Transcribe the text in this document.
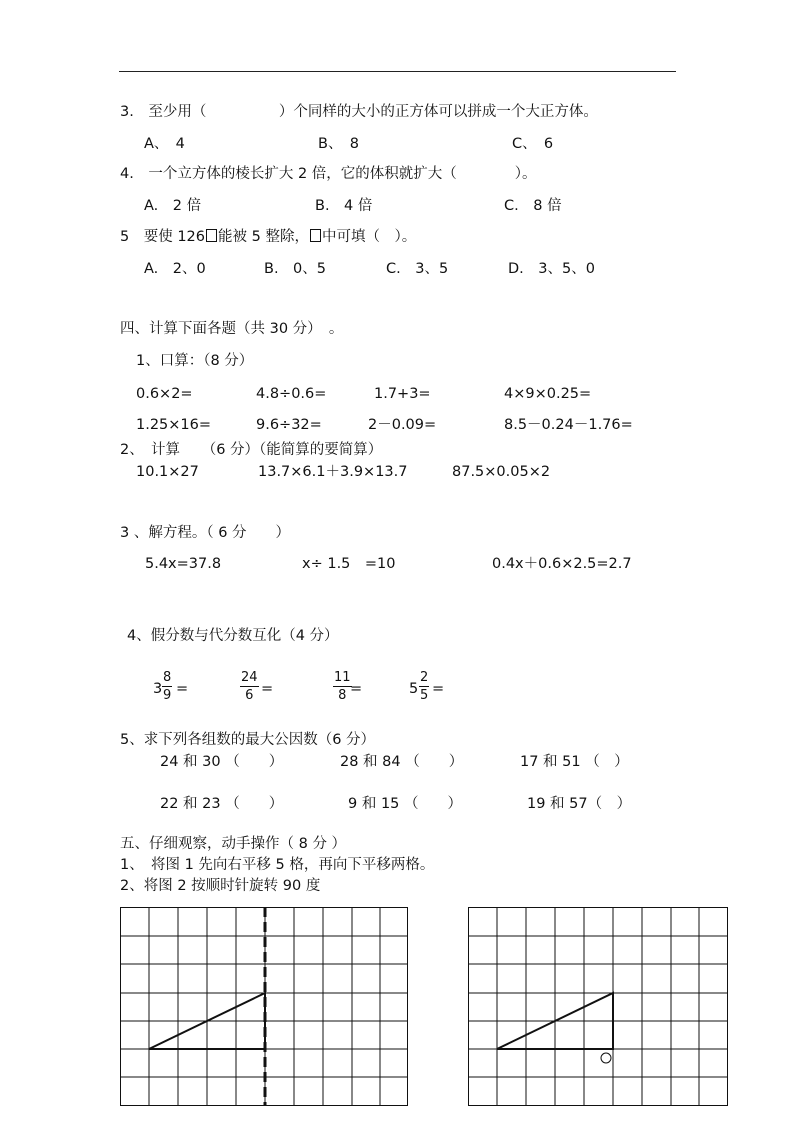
3.　至少用（　　　　　）个同样的大小的正方体可以拼成一个大正方体。
A、　4	B、　8	C、　6
4.　一个立方体的棱长扩大 2 倍，它的体积就扩大（　　　　）。
A.　2 倍	B.　4 倍	C.　8 倍
5　要使 126 能被 5 整除， 中可填（　）。
A.　2、0	B.　0、5	C.　3、5	D.　3、5、0
四、计算下面各题（共 30 分）　。
1、口算：（8 分）
0.6×2=	4.8÷0.6=	1.7+3=	4×9×0.25=
1.25×16=	9.6÷32=	2－0.09=	8.5－0.24－1.76=
2、　计算　　（6 分）（能简算的要简算）
10.1×27	13.7×6.1＋3.9×13.7	87.5×0.05×2
3 、解方程。（ 6 分　　）
5.4x=37.8	x÷ 1.5　=10	0.4x＋0.6×2.5=2.7
4、假分数与代分数互化（4 分）
3
8
9 =
24
6 =
11
8 =	5
2
5 =
5、求下列各组数的最大公因数（6 分）
24 和 30 （　　）	28 和 84 （　　）	17 和 51 （　）
22 和 23 （　　）	9 和 15 （　　）	19 和 57（　）
五、仔细观察，动手操作（ 8 分 ）
1、　将图 1 先向右平移 5 格，再向下平移两格。
2、将图 2 按顺时针旋转 90 度
